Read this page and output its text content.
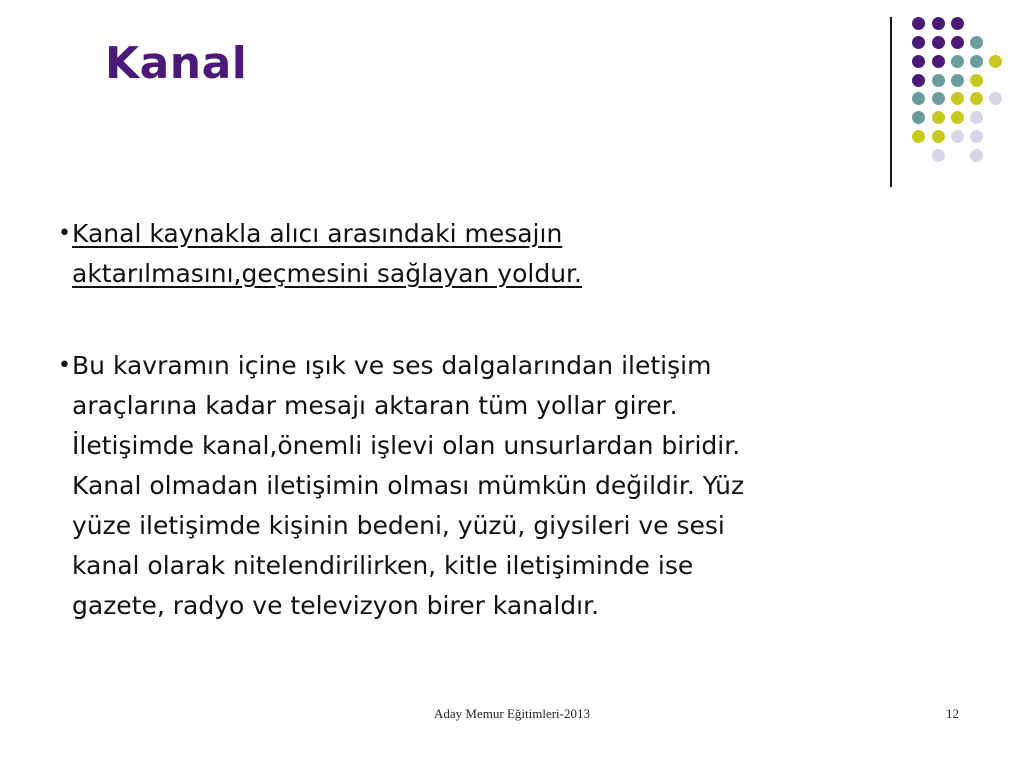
Kanal
• Kanal kaynakla alıcı arasındaki mesajın aktarılmasını,geçmesini sağlayan yoldur.
• Bu kavramın içine ışık ve ses dalgalarından iletişim araçlarına kadar mesajı aktaran tüm yollar girer. İletişimde kanal,önemli işlevi olan unsurlardan biridir. Kanal olmadan iletişimin olması mümkün değildir. Yüz yüze iletişimde kişinin bedeni, yüzü, giysileri ve sesi kanal olarak nitelendirilirken, kitle iletişiminde ise gazete, radyo ve televizyon birer kanaldır.
Aday Memur Eğitimleri-2013	12
